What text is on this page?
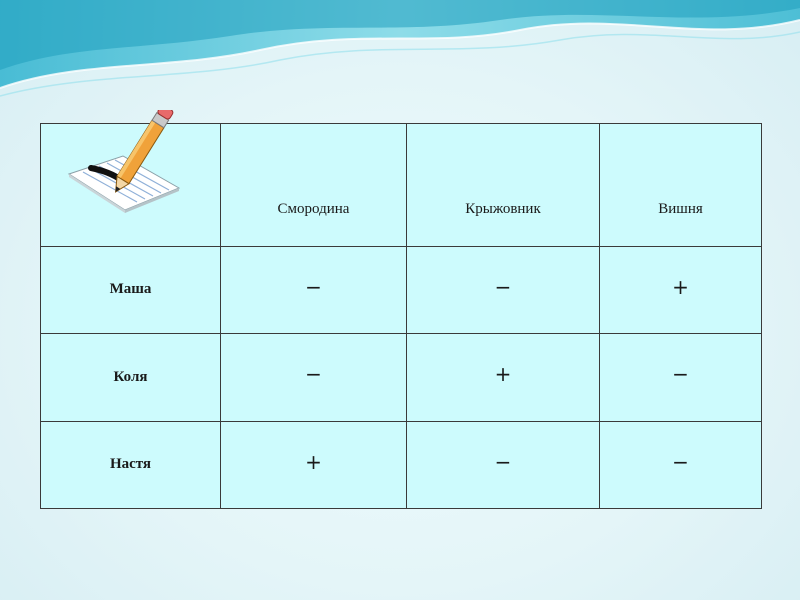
	Смородина	Крыжовник	Вишня
Маша	−	−	+
Коля	−	+	−
Настя	+	−	−
